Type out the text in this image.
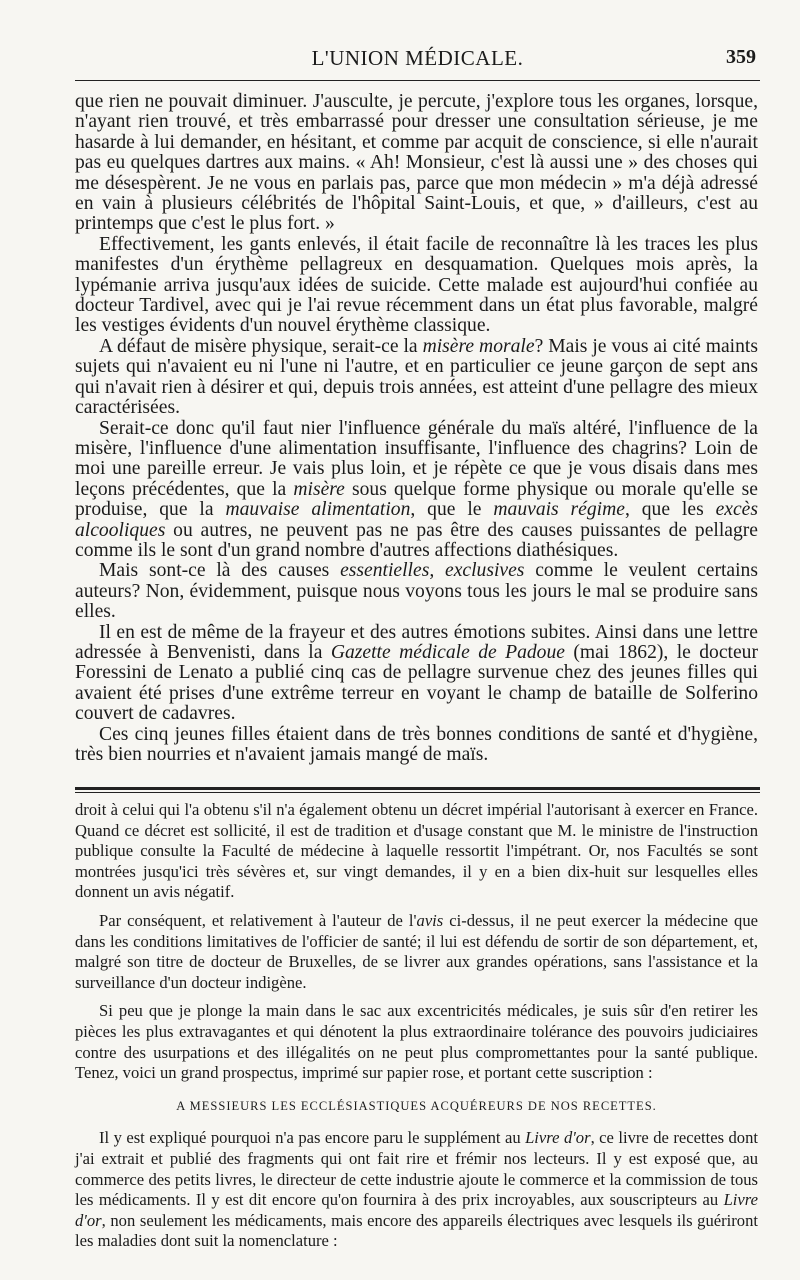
L'UNION MÉDICALE.	359

que rien ne pouvait diminuer. J'ausculte, je percute, j'explore tous les organes, lorsque, n'ayant rien trouvé, et très embarrassé pour dresser une consultation sérieuse, je me hasarde à lui demander, en hésitant, et comme par acquit de conscience, si elle n'aurait pas eu quelques dartres aux mains. « Ah! Monsieur, c'est là aussi une » des choses qui me désespèrent. Je ne vous en parlais pas, parce que mon médecin » m'a déjà adressé en vain à plusieurs célébrités de l'hôpital Saint-Louis, et que, » d'ailleurs, c'est au printemps que c'est le plus fort. »

Effectivement, les gants enlevés, il était facile de reconnaître là les traces les plus manifestes d'un érythème pellagreux en desquamation. Quelques mois après, la lypémanie arriva jusqu'aux idées de suicide. Cette malade est aujourd'hui confiée au docteur Tardivel, avec qui je l'ai revue récemment dans un état plus favorable, malgré les vestiges évidents d'un nouvel érythème classique.

A défaut de misère physique, serait-ce la misère morale? Mais je vous ai cité maints sujets qui n'avaient eu ni l'une ni l'autre, et en particulier ce jeune garçon de sept ans qui n'avait rien à désirer et qui, depuis trois années, est atteint d'une pellagre des mieux caractérisées.

Serait-ce donc qu'il faut nier l'influence générale du maïs altéré, l'influence de la misère, l'influence d'une alimentation insuffisante, l'influence des chagrins? Loin de moi une pareille erreur. Je vais plus loin, et je répète ce que je vous disais dans mes leçons précédentes, que la misère sous quelque forme physique ou morale qu'elle se produise, que la mauvaise alimentation, que le mauvais régime, que les excès alcooliques ou autres, ne peuvent pas ne pas être des causes puissantes de pellagre comme ils le sont d'un grand nombre d'autres affections diathésiques.

Mais sont-ce là des causes essentielles, exclusives comme le veulent certains auteurs? Non, évidemment, puisque nous voyons tous les jours le mal se produire sans elles.

Il en est de même de la frayeur et des autres émotions subites. Ainsi dans une lettre adressée à Benvenisti, dans la Gazette médicale de Padoue (mai 1862), le docteur Foressini de Lenato a publié cinq cas de pellagre survenue chez des jeunes filles qui avaient été prises d'une extrême terreur en voyant le champ de bataille de Solferino couvert de cadavres.

Ces cinq jeunes filles étaient dans de très bonnes conditions de santé et d'hygiène, très bien nourries et n'avaient jamais mangé de maïs.

droit à celui qui l'a obtenu s'il n'a également obtenu un décret impérial l'autorisant à exercer en France. Quand ce décret est sollicité, il est de tradition et d'usage constant que M. le ministre de l'instruction publique consulte la Faculté de médecine à laquelle ressortit l'impétrant. Or, nos Facultés se sont montrées jusqu'ici très sévères et, sur vingt demandes, il y en a bien dix-huit sur lesquelles elles donnent un avis négatif.

Par conséquent, et relativement à l'auteur de l'avis ci-dessus, il ne peut exercer la médecine que dans les conditions limitatives de l'officier de santé; il lui est défendu de sortir de son département, et, malgré son titre de docteur de Bruxelles, de se livrer aux grandes opérations, sans l'assistance et la surveillance d'un docteur indigène.

Si peu que je plonge la main dans le sac aux excentricités médicales, je suis sûr d'en retirer les pièces les plus extravagantes et qui dénotent la plus extraordinaire tolérance des pouvoirs judiciaires contre des usurpations et des illégalités on ne peut plus compromettantes pour la santé publique. Tenez, voici un grand prospectus, imprimé sur papier rose, et portant cette suscription :

A MESSIEURS LES ECCLÉSIASTIQUES ACQUÉREURS DE NOS RECETTES.

Il y est expliqué pourquoi n'a pas encore paru le supplément au Livre d'or, ce livre de recettes dont j'ai extrait et publié des fragments qui ont fait rire et frémir nos lecteurs. Il y est exposé que, au commerce des petits livres, le directeur de cette industrie ajoute le commerce et la commission de tous les médicaments. Il y est dit encore qu'on fournira à des prix incroyables, aux souscripteurs au Livre d'or, non seulement les médicaments, mais encore des appareils électriques avec lesquels ils guériront les maladies dont suit la nomenclature :
